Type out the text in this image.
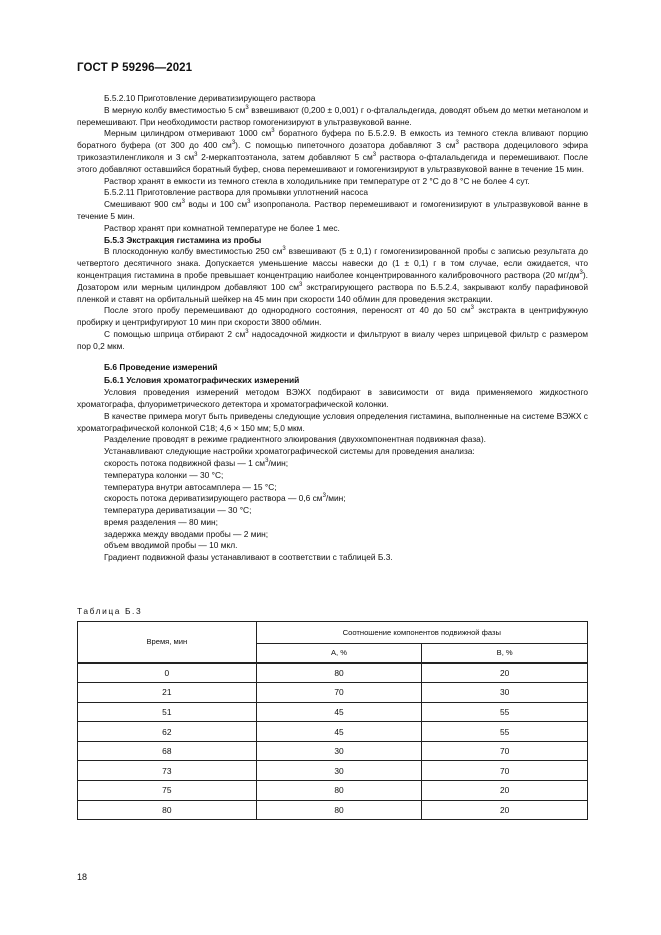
ГОСТ Р 59296—2021

Б.5.2.10 Приготовление дериватизирующего раствора

В мерную колбу вместимостью 5 $см^3$ взвешивают (0,200 ± 0,001) г о-фталальдегида, доводят объем до метки метанолом и перемешивают. При необходимости раствор гомогенизируют в ультразвуковой ванне.

Мерным цилиндром отмеривают 1000 $см^3$ боратного буфера по Б.5.2.9. В емкость из темного стекла вливают порцию боратного буфера (от 300 до 400 $см^3$). С помощью пипеточного дозатора добавляют 3 $см^3$ раствора додецилового эфира трикозаэтиленгликоля и 3 $см^3$ 2-меркаптоэтанола, затем добавляют 5 $см^3$ раствора о-фталальдегида и перемешивают. После этого добавляют оставшийся боратный буфер, снова перемешивают и гомогенизируют в ультразвуковой ванне в течение 15 мин.

Раствор хранят в емкости из темного стекла в холодильнике при температуре от 2 °С до 8 °С не более 4 сут.

Б.5.2.11 Приготовление раствора для промывки уплотнений насоса

Смешивают 900 $см^3$ воды и 100 $см^3$ изопропанола. Раствор перемешивают и гомогенизируют в ультразвуковой ванне в течение 5 мин.

Раствор хранят при комнатной температуре не более 1 мес.

Б.5.3 Экстракция гистамина из пробы

В плоскодонную колбу вместимостью 250 $см^3$ взвешивают (5 ± 0,1) г гомогенизированной пробы с записью результата до четвертого десятичного знака. Допускается уменьшение массы навески до (1 ± 0,1) г в том случае, если ожидается, что концентрация гистамина в пробе превышает концентрацию наиболее концентрированного калибровочного раствора (20 $мг/дм^3$). Дозатором или мерным цилиндром добавляют 100 $см^3$ экстрагирующего раствора по Б.5.2.4, закрывают колбу парафиновой пленкой и ставят на орбитальный шейкер на 45 мин при скорости 140 об/мин для проведения экстракции.

После этого пробу перемешивают до однородного состояния, переносят от 40 до 50 $см^3$ экстракта в центрифужную пробирку и центрифугируют 10 мин при скорости 3800 об/мин.

С помощью шприца отбирают 2 $см^3$ надосадочной жидкости и фильтруют в виалу через шприцевой фильтр с размером пор 0,2 мкм.

Б.6 Проведение измерений

Б.6.1 Условия хроматографических измерений

Условия проведения измерений методом ВЭЖХ подбирают в зависимости от вида применяемого жидкостного хроматографа, флуориметрического детектора и хроматографической колонки.

В качестве примера могут быть приведены следующие условия определения гистамина, выполненные на системе ВЭЖХ с хроматографической колонкой С18; 4,6 × 150 мм; 5,0 мкм.

Разделение проводят в режиме градиентного элюирования (двухкомпонентная подвижная фаза).

Устанавливают следующие настройки хроматографической системы для проведения анализа:

скорость потока подвижной фазы — 1 $см^3$/мин;

температура колонки — 30 °С;

температура внутри автосамплера — 15 °С;

скорость потока дериватизирующего раствора — 0,6 $см^3$/мин;

температура дериватизации — 30 °С;

время разделения — 80 мин;

задержка между вводами пробы — 2 мин;

объем вводимой пробы — 10 мкл.

Градиент подвижной фазы устанавливают в соответствии с таблицей Б.3.

Таблица Б.3
Время, мин	Соотношение компонентов подвижной фазы	
	А, %	В, %
0	80	20
21	70	30
51	45	55
62	45	55
68	30	70
73	30	70
75	80	20
80	80	20
18
